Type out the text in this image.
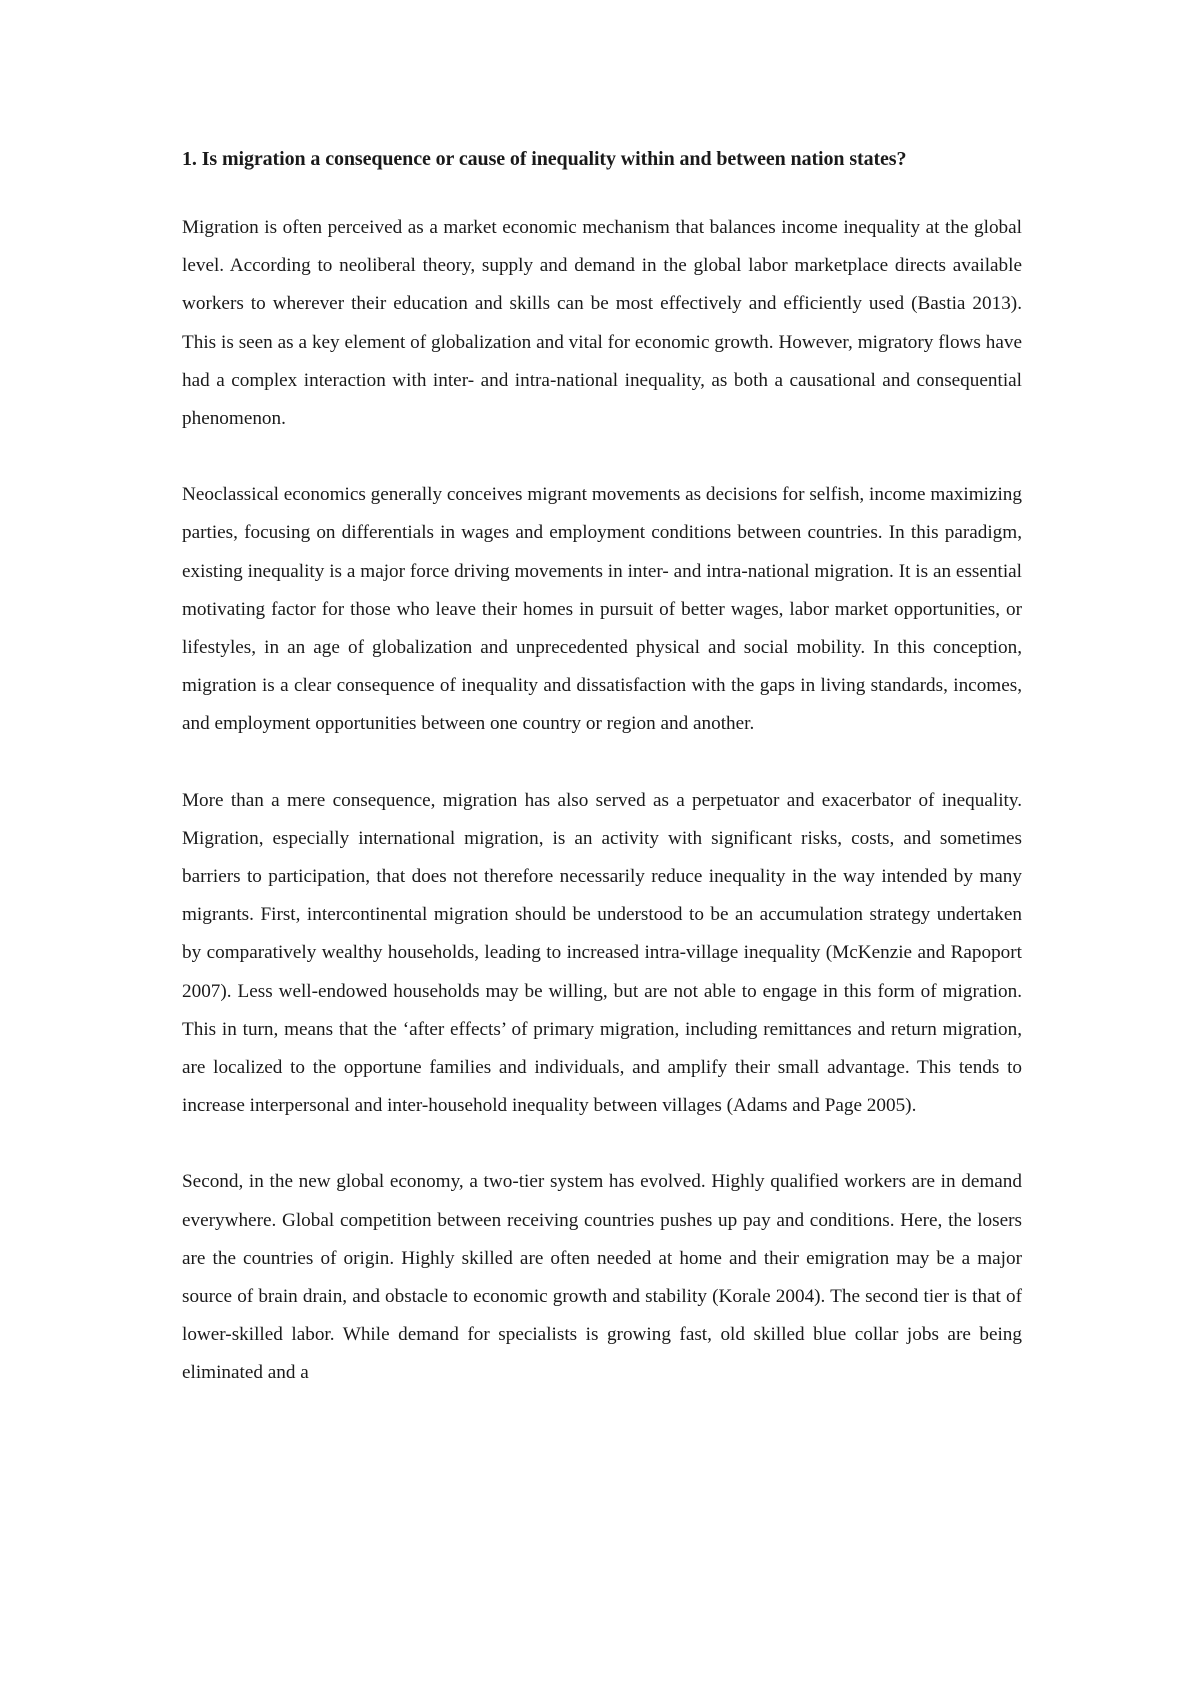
1. Is migration a consequence or cause of inequality within and between nation states?

Migration is often perceived as a market economic mechanism that balances income inequality at the global level. According to neoliberal theory, supply and demand in the global labor marketplace directs available workers to wherever their education and skills can be most effectively and efficiently used (Bastia 2013). This is seen as a key element of globalization and vital for economic growth. However, migratory flows have had a complex interaction with inter- and intra-national inequality, as both a causational and consequential phenomenon.

Neoclassical economics generally conceives migrant movements as decisions for selfish, income maximizing parties, focusing on differentials in wages and employment conditions between countries. In this paradigm, existing inequality is a major force driving movements in inter- and intra-national migration. It is an essential motivating factor for those who leave their homes in pursuit of better wages, labor market opportunities, or lifestyles, in an age of globalization and unprecedented physical and social mobility. In this conception, migration is a clear consequence of inequality and dissatisfaction with the gaps in living standards, incomes, and employment opportunities between one country or region and another.

More than a mere consequence, migration has also served as a perpetuator and exacerbator of inequality. Migration, especially international migration, is an activity with significant risks, costs, and sometimes barriers to participation, that does not therefore necessarily reduce inequality in the way intended by many migrants. First, intercontinental migration should be understood to be an accumulation strategy undertaken by comparatively wealthy households, leading to increased intra-village inequality (McKenzie and Rapoport 2007). Less well-endowed households may be willing, but are not able to engage in this form of migration. This in turn, means that the ‘after effects’ of primary migration, including remittances and return migration, are localized to the opportune families and individuals, and amplify their small advantage. This tends to increase interpersonal and inter-household inequality between villages (Adams and Page 2005).

Second, in the new global economy, a two-tier system has evolved. Highly qualified workers are in demand everywhere. Global competition between receiving countries pushes up pay and conditions. Here, the losers are the countries of origin. Highly skilled are often needed at home and their emigration may be a major source of brain drain, and obstacle to economic growth and stability (Korale 2004). The second tier is that of lower-skilled labor. While demand for specialists is growing fast, old skilled blue collar jobs are being eliminated and a
